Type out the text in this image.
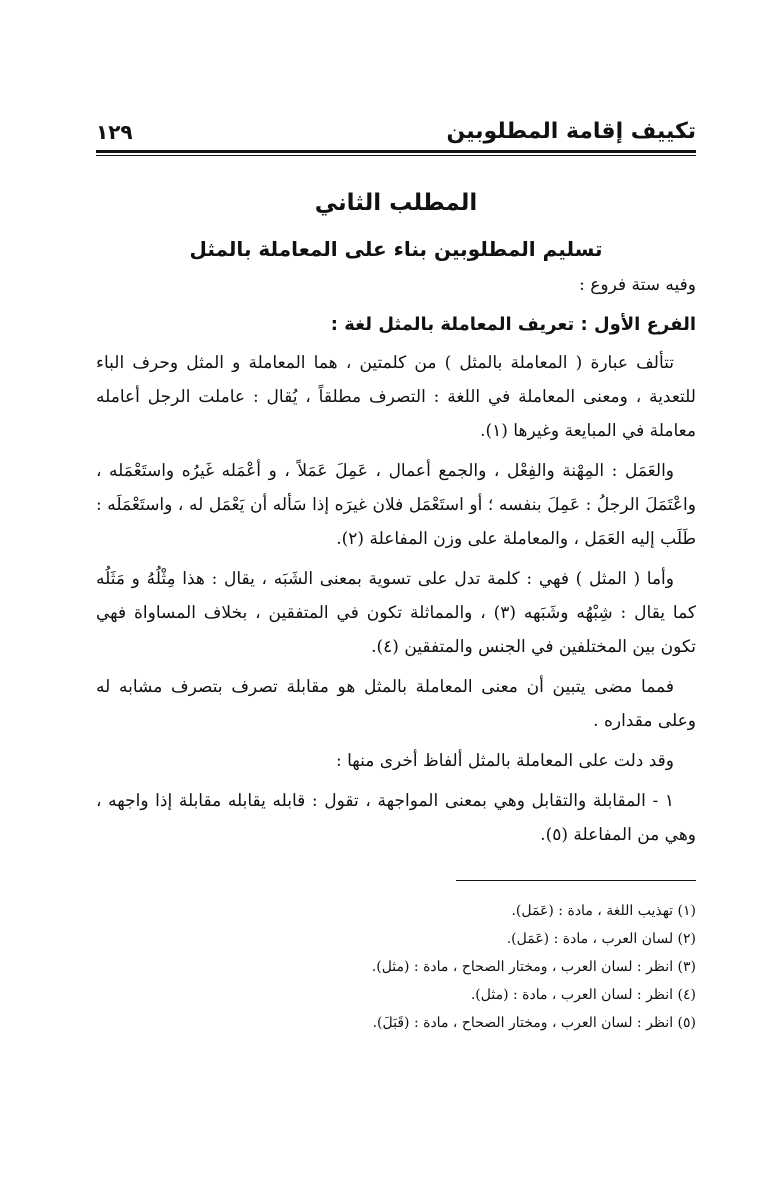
تكييف إقامة المطلوبين
١٢٩
المطلب الثاني
تسليم المطلوبين بناء على المعاملة بالمثل
وفيه ستة فروع :
الفرع الأول : تعريف المعاملة بالمثل لغة :

تتألف عبارة ( المعاملة بالمثل ) من كلمتين ، هما المعاملة و المثل وحرف الباء للتعدية ، ومعنى المعاملة في اللغة : التصرف مطلقاً ، يُقال : عاملت الرجل أعامله معاملة في المبايعة وغيرها (١).

والعَمَل : المِهْنة والفِعْل ، والجمع أعمال ، عَمِلَ عَمَلاً ، و أعْمَله غَيرُه واستَعْمَله ، واعْتَمَلَ الرجلُ : عَمِلَ بنفسه ؛ أو استَعْمَل فلان غيرَه إذا سَأله أن يَعْمَل له ، واستَعْمَلَه : طَلَب إليه العَمَل ، والمعاملة على وزن المفاعلة (٢).

وأما ( المثل ) فهي : كلمة تدل على تسوية بمعنى الشَبَه ، يقال : هذا مِثْلُهُ و مَثَلُه كما يقال : شِبْهُه وشَبَهه (٣) ، والمماثلة تكون في المتفقين ، بخلاف المساواة فهي تكون بين المختلفين في الجنس والمتفقين (٤).

فمما مضى يتبين أن معنى المعاملة بالمثل هو مقابلة تصرف بتصرف مشابه له وعلى مقداره .

وقد دلت على المعاملة بالمثل ألفاظ أخرى منها :

١ - المقابلة والتقابل وهي بمعنى المواجهة ، تقول : قابله يقابله مقابلة إذا واجهه ، وهي من المفاعلة (٥).

(١) تهذيب اللغة ، مادة : (عَمَل).
(٢) لسان العرب ، مادة : (عَمَل).
(٣) انظر : لسان العرب ، ومختار الصحاح ، مادة : (مثل).
(٤) انظر : لسان العرب ، مادة : (مثل).
(٥) انظر : لسان العرب ، ومختار الصحاح ، مادة : (قَبَلَ).
